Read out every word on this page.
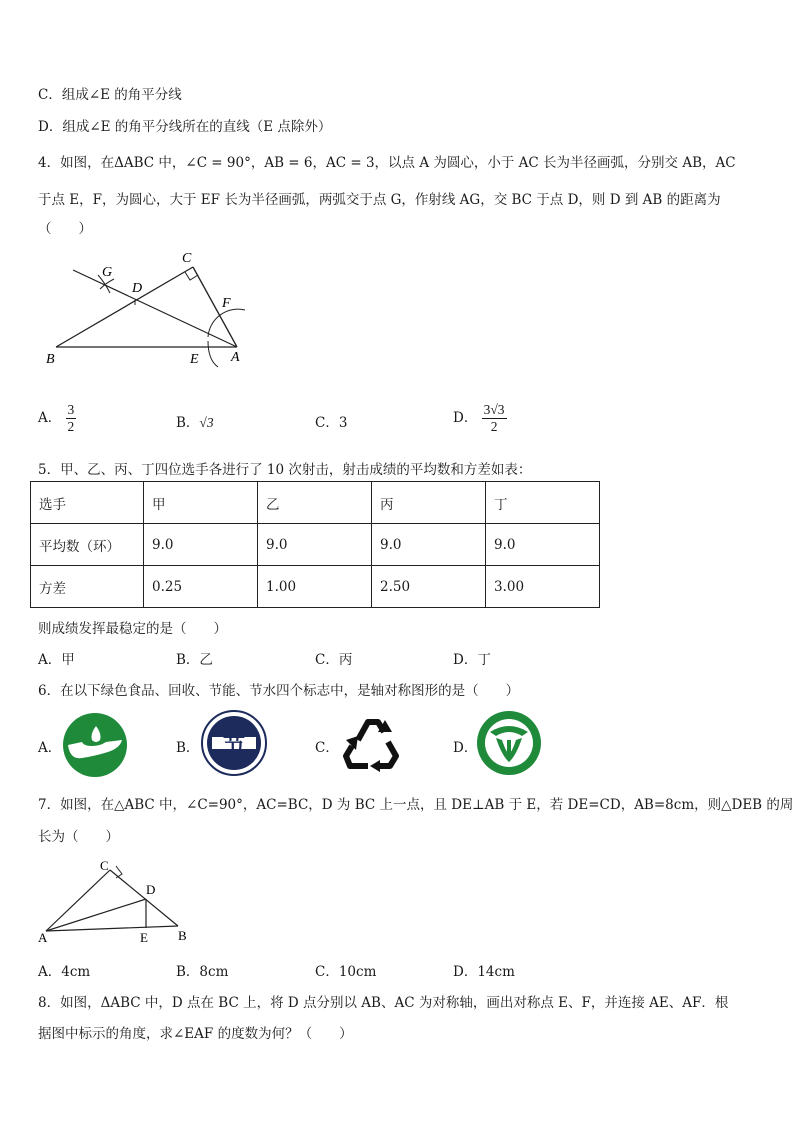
C．组成∠E 的角平分线
D．组成∠E 的角平分线所在的直线（E 点除外）
4．如图，在ΔABC 中，∠C = 90°，AB = 6，AC = 3，以点 A 为圆心，小于 AC 长为半径画弧，分别交 AB，AC
于点 E，F，为圆心，大于 EF 长为半径画弧，两弧交于点 G，作射线 AG，交 BC 于点 D，则 D 到 AB 的距离为
（　　）
G
C
D
F
B	E A
A． $\frac{3}{2}$	B．√3	C．3	D． $\frac{3√3}{2}$
5．甲、乙、丙、丁四位选手各进行了 10 次射击，射击成绩的平均数和方差如表：
选手	甲	乙	丙	丁
平均数（环）	9.0	9.0	9.0	9.0
方差	0.25	1.00	2.50	3.00
则成绩发挥最稳定的是（　　）
A．甲	B．乙	C．丙	D．丁
6．在以下绿色食品、回收、节能、节水四个标志中，是轴对称图形的是（　　）
A．	B． 节	C．	D．
7．如图，在△ABC 中，∠C=90°，AC=BC，D 为 BC 上一点，且 DE⊥AB 于 E，若 DE=CD，AB=8cm，则△DEB 的周
长为（　　）
C
D
A	E B
A．4cm	B．8cm	C．10cm	D．14cm
8．如图，ΔABC 中，D 点在 BC 上，将 D 点分别以 AB、AC 为对称轴，画出对称点 E、F，并连接 AE、AF．根
据图中标示的角度，求∠EAF 的度数为何？（　　）
